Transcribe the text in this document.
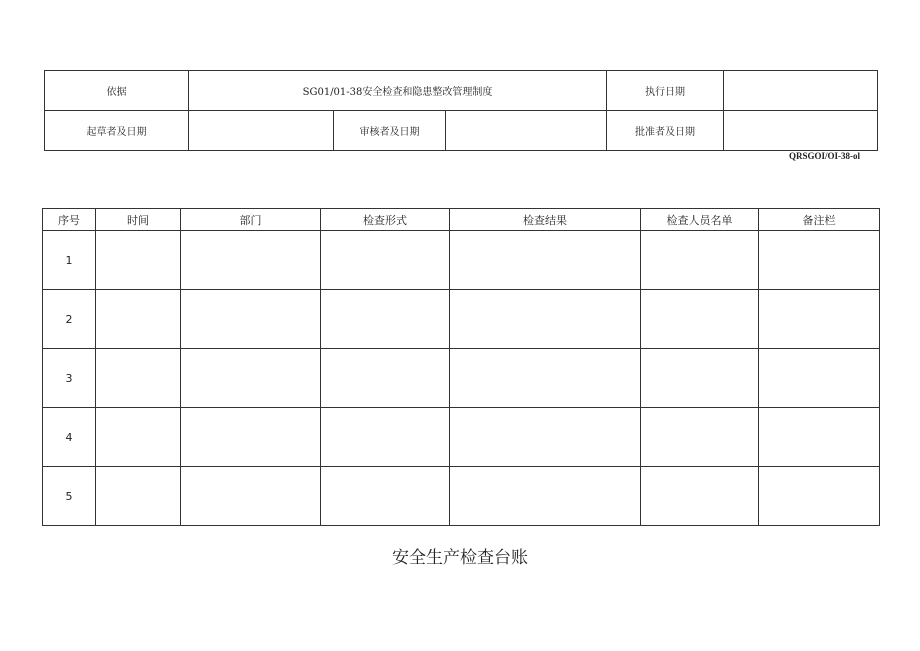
依据	SG01/01-38安全检查和隐患整改管理制度			执行日期	
起草者及日期		审核者及日期		批准者及日期	
QRSGOI/OI-38-ol
序号	时间	部门	检查形式	检查结果	检查人员名单	备注栏
1						
2						
3						
4						
5						
安全生产检查台账
